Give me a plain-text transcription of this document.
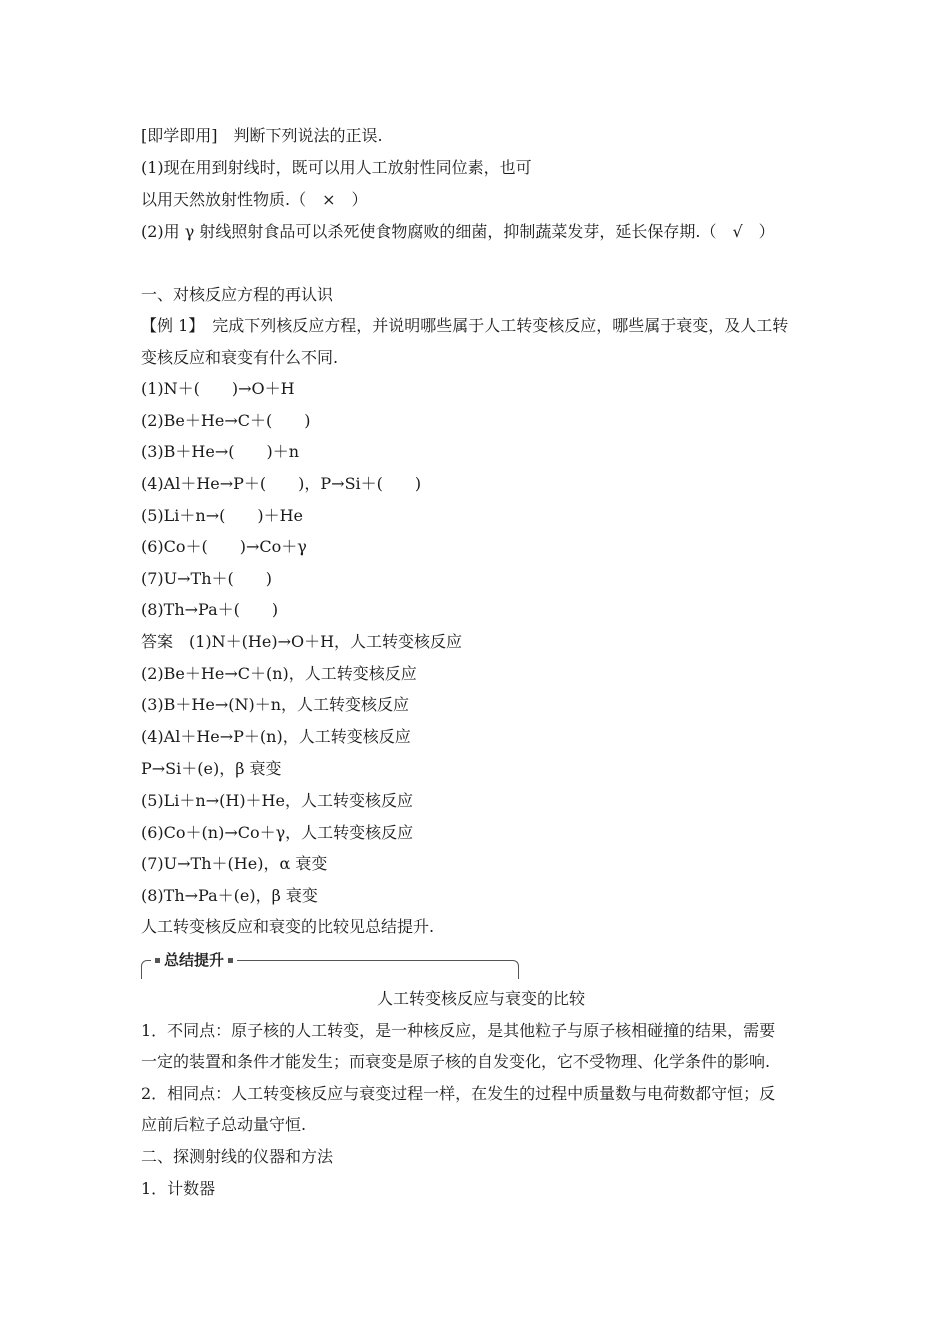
[即学即用]　判断下列说法的正误.
(1)现在用到射线时，既可以用人工放射性同位素，也可
以用天然放射性物质.（　×　）
(2)用 γ 射线照射食品可以杀死使食物腐败的细菌，抑制蔬菜发芽，延长保存期.（　√　）
一、对核反应方程的再认识
【例 1】　完成下列核反应方程，并说明哪些属于人工转变核反应，哪些属于衰变，及人工转
变核反应和衰变有什么不同.
(1)N＋(　　)→O＋H
(2)Be＋He→C＋(　　)
(3)B＋He→(　　)＋n
(4)Al＋He→P＋(　　)，P→Si＋(　　)
(5)Li＋n→(　　)＋He
(6)Co＋(　　)→Co＋γ
(7)U→Th＋(　　)
(8)Th→Pa＋(　　)
答案　(1)N＋(He)→O＋H，人工转变核反应
(2)Be＋He→C＋(n)，人工转变核反应
(3)B＋He→(N)＋n，人工转变核反应
(4)Al＋He→P＋(n)，人工转变核反应
P→Si＋(e)，β 衰变
(5)Li＋n→(H)＋He，人工转变核反应
(6)Co＋(n)→Co＋γ，人工转变核反应
(7)U→Th＋(He)，α 衰变
(8)Th→Pa＋(e)，β 衰变
人工转变核反应和衰变的比较见总结提升.
总结提升
人工转变核反应与衰变的比较
1．不同点：原子核的人工转变，是一种核反应，是其他粒子与原子核相碰撞的结果，需要
一定的装置和条件才能发生；而衰变是原子核的自发变化，它不受物理、化学条件的影响.
2．相同点：人工转变核反应与衰变过程一样，在发生的过程中质量数与电荷数都守恒；反
应前后粒子总动量守恒.
二、探测射线的仪器和方法
1．计数器
